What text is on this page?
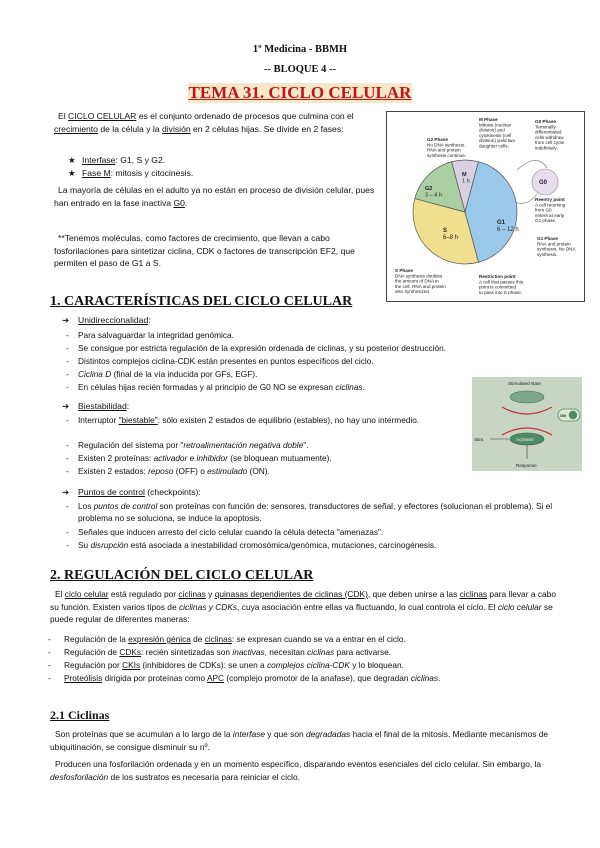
1º Medicina - BBMH
-- BLOQUE 4 --
TEMA 31. CICLO CELULAR
El CICLO CELULAR es el conjunto ordenado de procesos que culmina con el crecimiento de la célula y la división en 2 células hijas. Se divide en 2 fases:
★ Interfase: G1, S y G2.
★ Fase M: mitosis y citocinesis.
La mayoría de células en el adulto ya no están en proceso de división celular, pues han entrado en la fase inactiva G0.
**Tenemos moléculas, como factores de crecimiento, que llevan a cabo fosforilaciones para sintetizar ciclina, CDK o factores de transcripción EF2, que permiten el paso de G1 a S.
M
1 h
G2
3 – 4 h
G1
6 – 12 h
S
6–8 h
G0
M Phase
Mitosis (nuclear
division) and
cytokinesis (cell
division) yield two
daughter cells.
G2 Phase
No DNA synthesis.
RNA and protein
synthesis continue.
G0 Phase
Terminally
differentiated
cells withdraw
from cell cycle
indefinitely.
Reentry point
A cell returning
from G0
enters at early
G1 phase.
G1 Phase
RNA and protein
synthesis. No DNA
synthesis.
S Phase
DNA synthesis doubles
the amount of DNA in
the cell. RNA and protein
also synthesized.
Restriction point
A cell that passes this
point is committed
to pass into S phase.
1. CARACTERÍSTICAS DEL CICLO CELULAR
➔ Unidireccionalidad:
- Para salvaguardar la integridad genómica.
- Se consigue por estricta regulación de la expresión ordenada de ciclinas, y su posterior destrucción.
- Distintos complejos ciclina-CDK están presentes en puntos específicos del ciclo.
- Ciclina D (final de la vía inducida por GFs, EGF).
- En células hijas recién formadas y al principio de G0 NO se expresan ciclinas.
➔ Biestabilidad:
-	Interruptor "biestable": sólo existen 2 estados de equilibrio (estables), no hay uno intermedio.
- Regulación del sistema por "retroalimentación negativa doble".
- Existen 2 proteínas: activador e inhibidor (se bloquean mutuamente).
- Existen 2 estados: reposo (OFF) o estimulado (ON).
Stimulated state
Activator
Stim.
Response
ON
➔ Puntos de control (checkpoints):
-	Los puntos de control son proteínas con función de: sensores, transductores de señal, y efectores (solucionan el problema). Si el problema no se soluciona, se induce la apoptosis.
- Señales que inducen arresto del ciclo celular cuando la célula detecta "amenazas".
- Su disrupción está asociada a inestabilidad cromosómica/genómica, mutaciones, carcinogénesis.
2. REGULACIÓN DEL CICLO CELULAR
El ciclo celular está regulado por ciclinas y quinasas dependientes de ciclinas (CDK), que deben unirse a las ciclinas para llevar a cabo su función. Existen varios tipos de ciclinas y CDKs, cuya asociación entre ellas va fluctuando, lo cual controla el ciclo. El ciclo celular se puede regular de diferentes maneras:
- Regulación de la expresión génica de ciclinas: se expresan cuando se va a entrar en el ciclo.
- Regulación de CDKs: recién sintetizadas son inactivas, necesitan ciclinas para activarse.
- Regulación por CKIs (inhibidores de CDKs): se unen a complejos ciclina-CDK y lo bloquean.
- Proteólisis dirigida por proteínas como APC (complejo promotor de la anafase), que degradan ciclinas.
2.1 Ciclinas
Son proteínas que se acumulan a lo largo de la interfase y que son degradadas hacia el final de la mitosis. Mediante mecanismos de ubiquitinación, se consigue disminuir su nº.
Producen una fosforilación ordenada y en un momento específico, disparando eventos esenciales del ciclo celular. Sin embargo, la desfosforilación de los sustratos es necesaria para reiniciar el ciclo.
